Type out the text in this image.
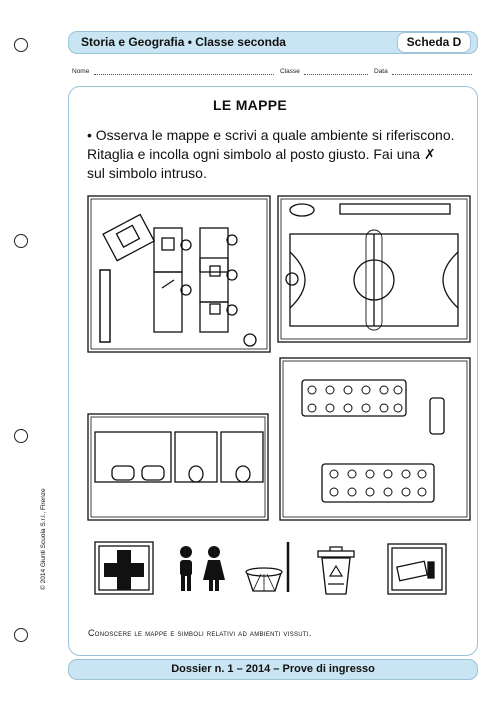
Storia e Geografia • Classe seconda	Scheda D
Nome	Classe	Data
LE MAPPE
• Osserva le mappe e scrivi a quale ambiente si riferiscono. Ritaglia e incolla ogni simbolo al posto giusto. Fai una ✗ sul simbolo intruso.
Conoscere le mappe e simboli relativi ad ambienti vissuti.
© 2014 Giunti Scuola S.r.l., Firenze
Dossier n. 1 – 2014 – Prove di ingresso
